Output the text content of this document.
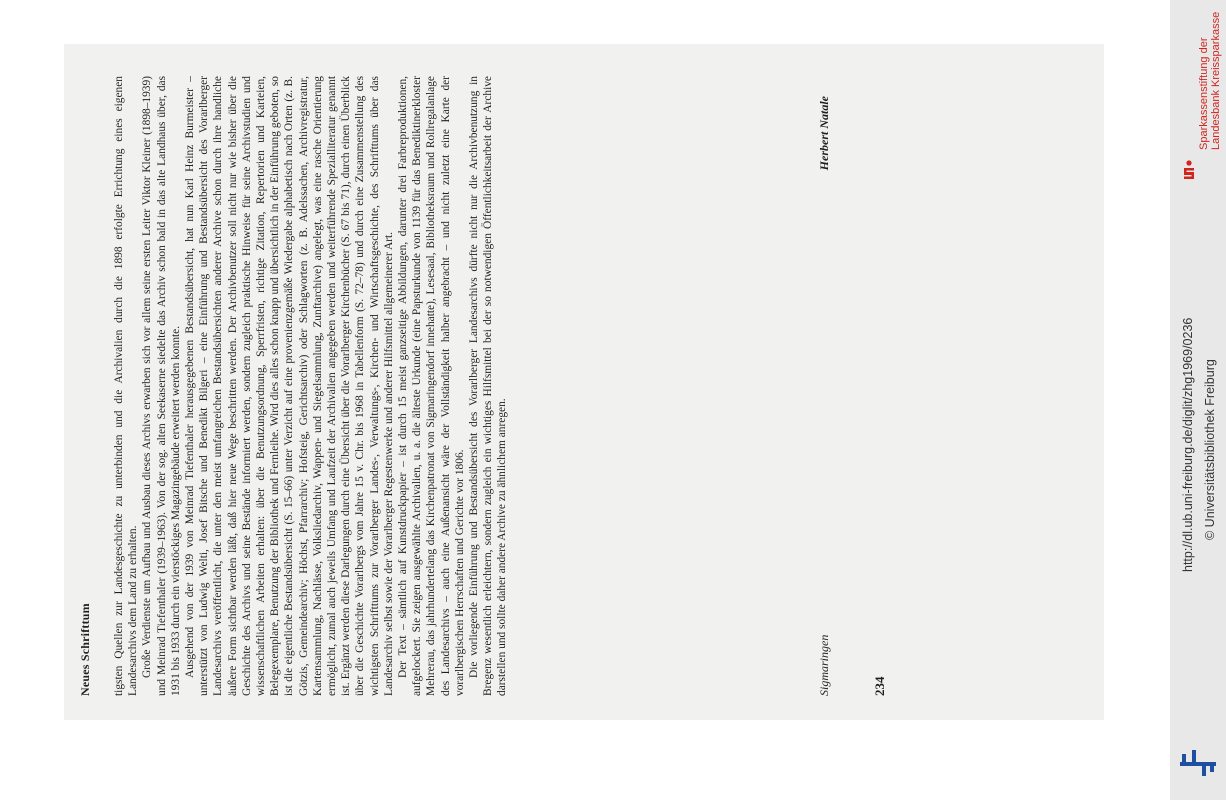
Neues Schrifttum	tigsten Quellen zur Landesgeschichte zu unterbinden und die Archivalien durch die 1898 erfolgte Errichtung eines eigenen Landesarchivs dem Land zu erhalten. Große Verdienste um Aufbau und Ausbau dieses Archivs erwarben sich vor allem seine ersten Leiter Viktor Kleiner (1898–1939) und Meinrad Tiefenthaler (1939–1963). Von der sog. alten Seekaserne siedelte das Archiv schon bald in das alte Landhaus über, das 1931 bis 1933 durch ein vierstöckiges Magazingebäude erweitert werden konnte. Ausgehend von der 1939 von Meinrad Tiefenthaler herausgegebenen Bestandsübersicht, hat nun Karl Heinz Burmeister – unterstützt von Ludwig Welti, Josef Bitsche und Benedikt Bilgeri – eine Einführung und Bestandsübersicht des Vorarlberger Landesarchivs veröffentlicht, die unter den meist umfangreichen Bestandsübersichten anderer Archive schon durch ihre handliche äußere Form sichtbar werden läßt, daß hier neue Wege beschritten werden. Der Archivbenutzer soll nicht nur wie bisher über die Geschichte des Archivs und seine Bestände informiert werden, sondern zugleich praktische Hinweise für seine Archivstudien und wissenschaftlichen Arbeiten erhalten: über die Benutzungsordnung, Sperrfristen, richtige Zitation, Repertorien und Karteien, Belegexemplare, Benutzung der Bibliothek und Fernleihe. Wird dies alles schon knapp und übersichtlich in der Einführung geboten, so ist die eigentliche Bestandsübersicht (S. 15–66) unter Verzicht auf eine provenienzgemäße Wiedergabe alphabetisch nach Orten (z. B. Götzis, Gemeindearchiv; Höchst, Pfarrarchiv; Hofsteig, Gerichtsarchiv) oder Schlagworten (z. B. Adelssachen, Archivregistratur, Kartensammlung, Nachlässe, Volksliedarchiv, Wappen- und Siegelsammlung, Zunftarchive) angelegt, was eine rasche Orientierung ermöglicht, zumal auch jeweils Umfang und Laufzeit der Archivalien angegeben werden und weiterführende Spezialliteratur genannt ist. Ergänzt werden diese Darlegungen durch eine Übersicht über die Vorarlberger Kirchenbücher (S. 67 bis 71), durch einen Überblick über die Geschichte Vorarlbergs vom Jahre 15 v. Chr. bis 1968 in Tabellenform (S. 72–78) und durch eine Zusammenstellung des wichtigsten Schrifttums zur Vorarlberger Landes-, Verwaltungs-, Kirchen- und Wirtschaftsgeschichte, des Schrifttums über das Landesarchiv selbst sowie der Vorarlberger Regestenwerke und anderer Hilfsmittel allgemeinerer Art. Der Text – sämtlich auf Kunstdruckpapier – ist durch 15 meist ganzseitige Abbildungen, darunter drei Farbreproduktionen, aufgelockert. Sie zeigen ausgewählte Archivalien, u. a. die älteste Urkunde (eine Papsturkunde von 1139 für das Benediktinerkloster Mehrerau, das jahrhundertelang das Kirchenpatronat von Sigmaringendorf innehatte), Lesesaal, Bibliotheksraum und Rollregalanlage des Landesarchivs – auch eine Außenansicht wäre der Vollständigkeit halber angebracht – und nicht zuletzt eine Karte der vorarlbergischen Herrschaften und Gerichte vor 1806. Die vorliegende Einführung und Bestandsübersicht des Vorarlberger Landesarchivs dürfte nicht nur die Archivbenutzung in Bregenz wesentlich erleichtern, sondern zugleich ein wichtiges Hilfsmittel bei der so notwendigen Öffentlichkeitsarbeit der Archive darstellen und sollte daher andere Archive zu ähnlichem anregen.	Sigmaringen
Herbert Natale
234
Sparkassenstiftung der Landesbank Kreissparkasse
http://dl.ub.uni-freiburg.de/diglit/zhg1969/0236 © Universitätsbibliothek Freiburg
